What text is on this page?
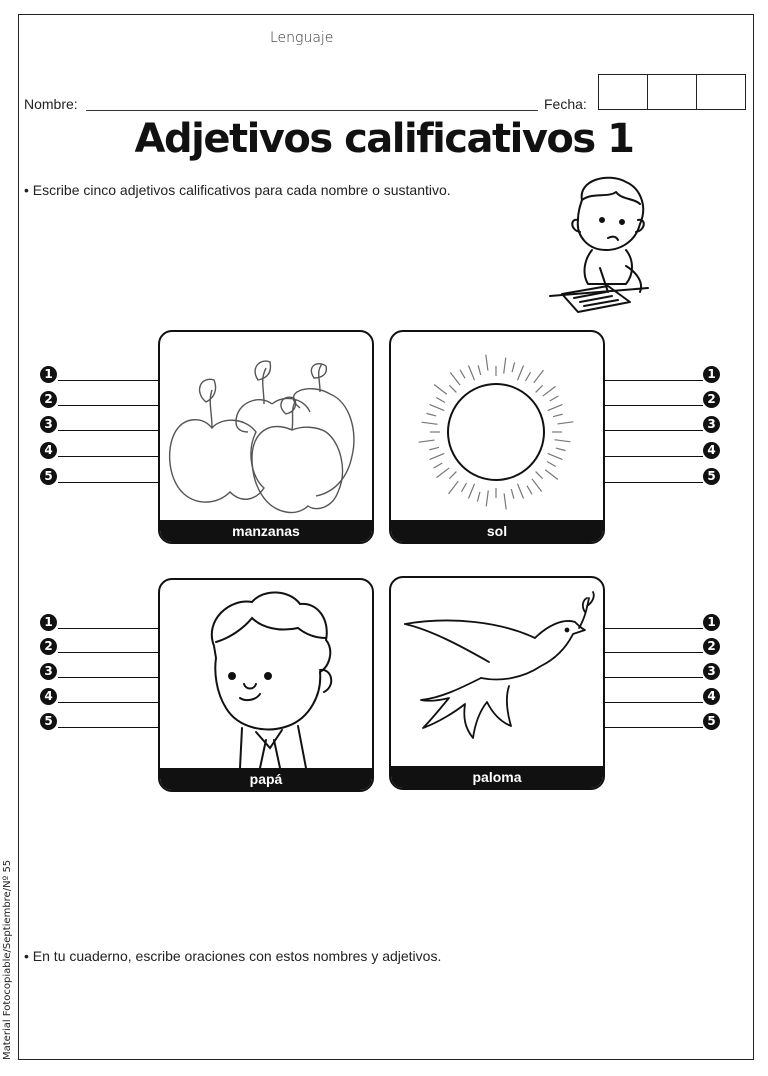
Lenguaje
Nombre:	Fecha:
Adjetivos calificativos 1
• Escribe cinco adjetivos calificativos para cada nombre o sustantivo.
manzanas	sol
papá	paloma
1
2
3
4
5
1
2
3
4
5
1
2
3
4
5
1
2
3
4
5
• En tu cuaderno, escribe oraciones con estos nombres y adjetivos.
Material Fotocopiable/Septiembre/Nº 55
